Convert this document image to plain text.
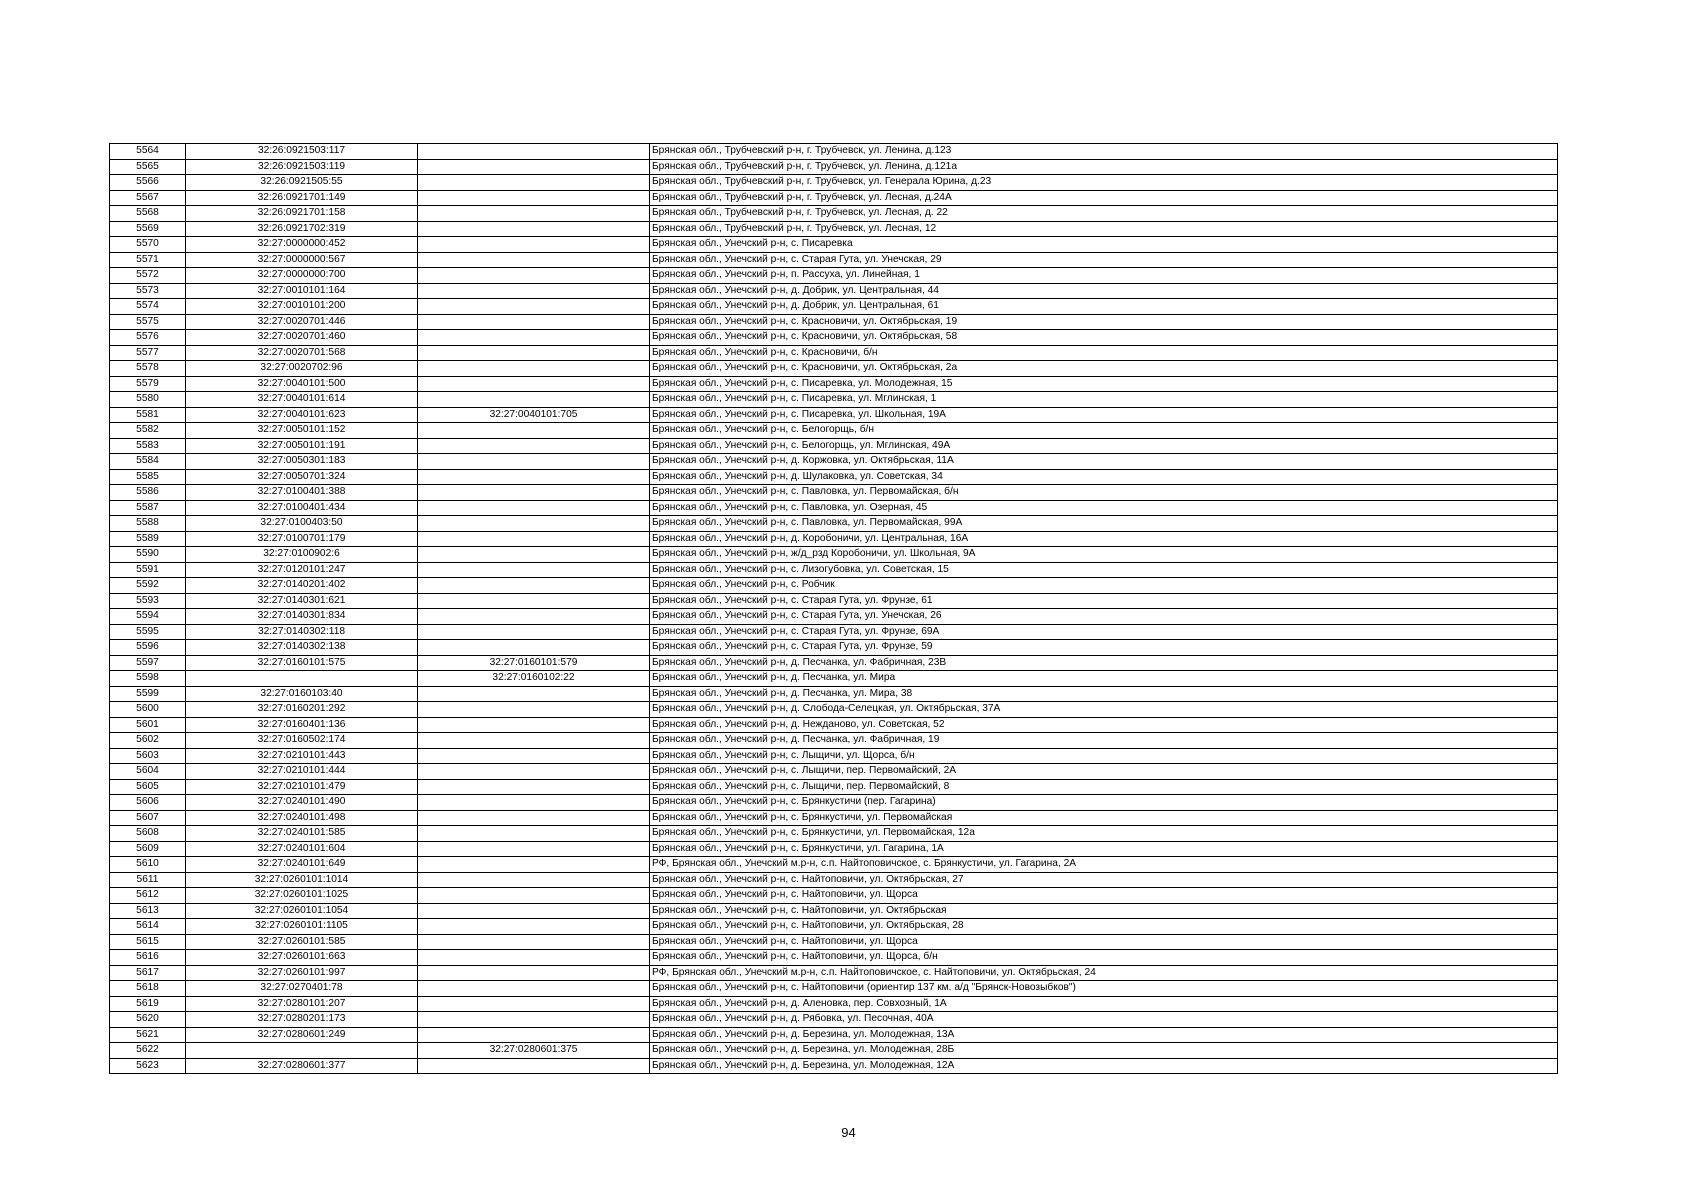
5564	32:26:0921503:117		Брянская обл., Трубчевский р-н, г. Трубчевск, ул. Ленина, д.123
5565	32:26:0921503:119		Брянская обл., Трубчевский р-н, г. Трубчевск, ул. Ленина, д.121а
5566	32:26:0921505:55		Брянская обл., Трубчевский р-н, г. Трубчевск, ул. Генерала Юрина, д.23
5567	32:26:0921701:149		Брянская обл., Трубчевский р-н, г. Трубчевск, ул. Лесная, д.24А
5568	32:26:0921701:158		Брянская обл., Трубчевский р-н, г. Трубчевск, ул. Лесная, д. 22
5569	32:26:0921702:319		Брянская обл., Трубчевский р-н, г. Трубчевск, ул. Лесная, 12
5570	32:27:0000000:452		Брянская обл., Унечский р-н, с. Писаревка
5571	32:27:0000000:567		Брянская обл., Унечский р-н, с. Старая Гута, ул. Унечская, 29
5572	32:27:0000000:700		Брянская обл., Унечский р-н, п. Рассуха, ул. Линейная, 1
5573	32:27:0010101:164		Брянская обл., Унечский р-н, д. Добрик, ул. Центральная, 44
5574	32:27:0010101:200		Брянская обл., Унечский р-н, д. Добрик, ул. Центральная, 61
5575	32:27:0020701:446		Брянская обл., Унечский р-н, с. Красновичи, ул. Октябрьская, 19
5576	32:27:0020701:460		Брянская обл., Унечский р-н, с. Красновичи, ул. Октябрьская, 58
5577	32:27:0020701:568		Брянская обл., Унечский р-н, с. Красновичи, б/н
5578	32:27:0020702:96		Брянская обл., Унечский р-н, с. Красновичи, ул. Октябрьская, 2а
5579	32:27:0040101:500		Брянская обл., Унечский р-н, с. Писаревка, ул. Молодежная, 15
5580	32:27:0040101:614		Брянская обл., Унечский р-н, с. Писаревка, ул. Мглинская, 1
5581	32:27:0040101:623	32:27:0040101:705	Брянская обл., Унечский р-н, с. Писаревка, ул. Школьная, 19А
5582	32:27:0050101:152		Брянская обл., Унечский р-н, с. Белогорщь, б/н
5583	32:27:0050101:191		Брянская обл., Унечский р-н, с. Белогорщь, ул. Мглинская, 49А
5584	32:27:0050301:183		Брянская обл., Унечский р-н, д. Коржовка, ул. Октябрьская, 11А
5585	32:27:0050701:324		Брянская обл., Унечский р-н, д. Шулаковка, ул. Советская, 34
5586	32:27:0100401:388		Брянская обл., Унечский р-н, с. Павловка, ул. Первомайская, б/н
5587	32:27:0100401:434		Брянская обл., Унечский р-н, с. Павловка, ул. Озерная, 45
5588	32:27:0100403:50		Брянская обл., Унечский р-н, с. Павловка, ул. Первомайская, 99А
5589	32:27:0100701:179		Брянская обл., Унечский р-н, д. Коробоничи, ул. Центральная, 16А
5590	32:27:0100902:6		Брянская обл., Унечский р-н, ж/д_рзд Коробоничи, ул. Школьная, 9А
5591	32:27:0120101:247		Брянская обл., Унечский р-н, с. Лизогубовка, ул. Советская, 15
5592	32:27:0140201:402		Брянская обл., Унечский р-н, с. Робчик
5593	32:27:0140301:621		Брянская обл., Унечский р-н, с. Старая Гута, ул. Фрунзе, 61
5594	32:27:0140301:834		Брянская обл., Унечский р-н, с. Старая Гута, ул. Унечская, 26
5595	32:27:0140302:118		Брянская обл., Унечский р-н, с. Старая Гута, ул. Фрунзе, 69А
5596	32:27:0140302:138		Брянская обл., Унечский р-н, с. Старая Гута, ул. Фрунзе, 59
5597	32:27:0160101:575	32:27:0160101:579	Брянская обл., Унечский р-н, д. Песчанка, ул. Фабричная, 23В
5598		32:27:0160102:22	Брянская обл., Унечский р-н, д. Песчанка, ул. Мира
5599	32:27:0160103:40		Брянская обл., Унечский р-н, д. Песчанка, ул. Мира, 38
5600	32:27:0160201:292		Брянская обл., Унечский р-н, д. Слобода-Селецкая, ул. Октябрьская, 37А
5601	32:27:0160401:136		Брянская обл., Унечский р-н, д. Нежданово, ул. Советская, 52
5602	32:27:0160502:174		Брянская обл., Унечский р-н, д. Песчанка, ул. Фабричная, 19
5603	32:27:0210101:443		Брянская обл., Унечский р-н, с. Лыщичи, ул. Щорса, б/н
5604	32:27:0210101:444		Брянская обл., Унечский р-н, с. Лыщичи, пер. Первомайский, 2А
5605	32:27:0210101:479		Брянская обл., Унечский р-н, с. Лыщичи, пер. Первомайский, 8
5606	32:27:0240101:490		Брянская обл., Унечский р-н, с. Брянкустичи (пер. Гагарина)
5607	32:27:0240101:498		Брянская обл., Унечский р-н, с. Брянкустичи, ул. Первомайская
5608	32:27:0240101:585		Брянская обл., Унечский р-н, с. Брянкустичи, ул. Первомайская, 12а
5609	32:27:0240101:604		Брянская обл., Унечский р-н, с. Брянкустичи, ул. Гагарина, 1А
5610	32:27:0240101:649		РФ, Брянская обл., Унечский м.р-н, с.п. Найтоповичское, с. Брянкустичи, ул. Гагарина, 2А
5611	32:27:0260101:1014		Брянская обл., Унечский р-н, с. Найтоповичи, ул. Октябрьская, 27
5612	32:27:0260101:1025		Брянская обл., Унечский р-н, с. Найтоповичи, ул. Щорса
5613	32:27:0260101:1054		Брянская обл., Унечский р-н, с. Найтоповичи, ул. Октябрьская
5614	32:27:0260101:1105		Брянская обл., Унечский р-н, с. Найтоповичи, ул. Октябрьская, 28
5615	32:27:0260101:585		Брянская обл., Унечский р-н, с. Найтоповичи, ул. Щорса
5616	32:27:0260101:663		Брянская обл., Унечский р-н, с. Найтоповичи, ул. Щорса, б/н
5617	32:27:0260101:997		РФ, Брянская обл., Унечский м.р-н, с.п. Найтоповичское, с. Найтоповичи, ул. Октябрьская, 24
5618	32:27:0270401:78		Брянская обл., Унечский р-н, с. Найтоповичи (ориентир 137 км. а/д "Брянск-Новозыбков")
5619	32:27:0280101:207		Брянская обл., Унечский р-н, д. Аленовка, пер. Совхозный, 1А
5620	32:27:0280201:173		Брянская обл., Унечский р-н, д. Рябовка, ул. Песочная, 40А
5621	32:27:0280601:249		Брянская обл., Унечский р-н, д. Березина, ул. Молодежная, 13А
5622		32:27:0280601:375	Брянская обл., Унечский р-н, д. Березина, ул. Молодежная, 28Б
5623	32:27:0280601:377		Брянская обл., Унечский р-н, д. Березина, ул. Молодежная, 12А
94
